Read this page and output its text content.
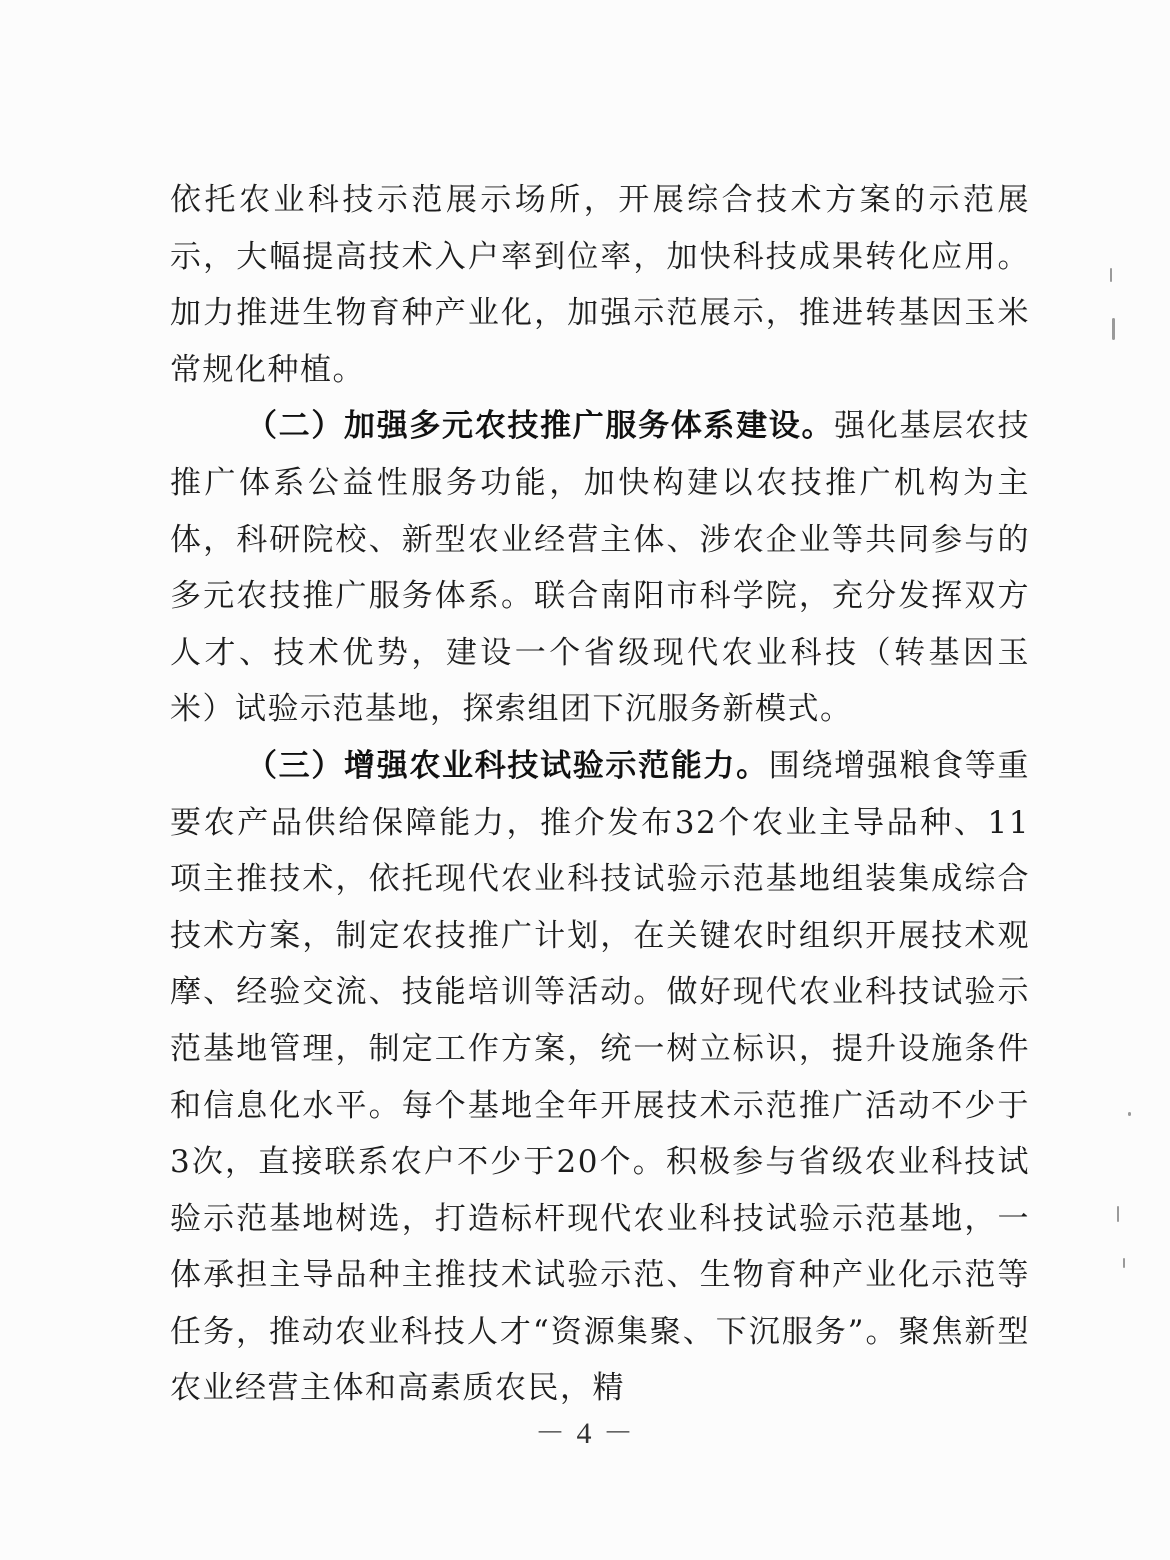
依托农业科技示范展示场所，开展综合技术方案的示范展示，大幅提高技术入户率到位率，加快科技成果转化应用。加力推进生物育种产业化，加强示范展示，推进转基因玉米常规化种植。

（二）加强多元农技推广服务体系建设。强化基层农技推广体系公益性服务功能，加快构建以农技推广机构为主体，科研院校、新型农业经营主体、涉农企业等共同参与的多元农技推广服务体系。联合南阳市科学院，充分发挥双方人才、技术优势，建设一个省级现代农业科技（转基因玉米）试验示范基地，探索组团下沉服务新模式。

（三）增强农业科技试验示范能力。围绕增强粮食等重要农产品供给保障能力，推介发布32个农业主导品种、11项主推技术，依托现代农业科技试验示范基地组装集成综合技术方案，制定农技推广计划，在关键农时组织开展技术观摩、经验交流、技能培训等活动。做好现代农业科技试验示范基地管理，制定工作方案，统一树立标识，提升设施条件和信息化水平。每个基地全年开展技术示范推广活动不少于3次，直接联系农户不少于20个。积极参与省级农业科技试验示范基地树选，打造标杆现代农业科技试验示范基地，一体承担主导品种主推技术试验示范、生物育种产业化示范等任务，推动农业科技人才“资源集聚、下沉服务”。聚焦新型农业经营主体和高素质农民，精

－ 4 －
